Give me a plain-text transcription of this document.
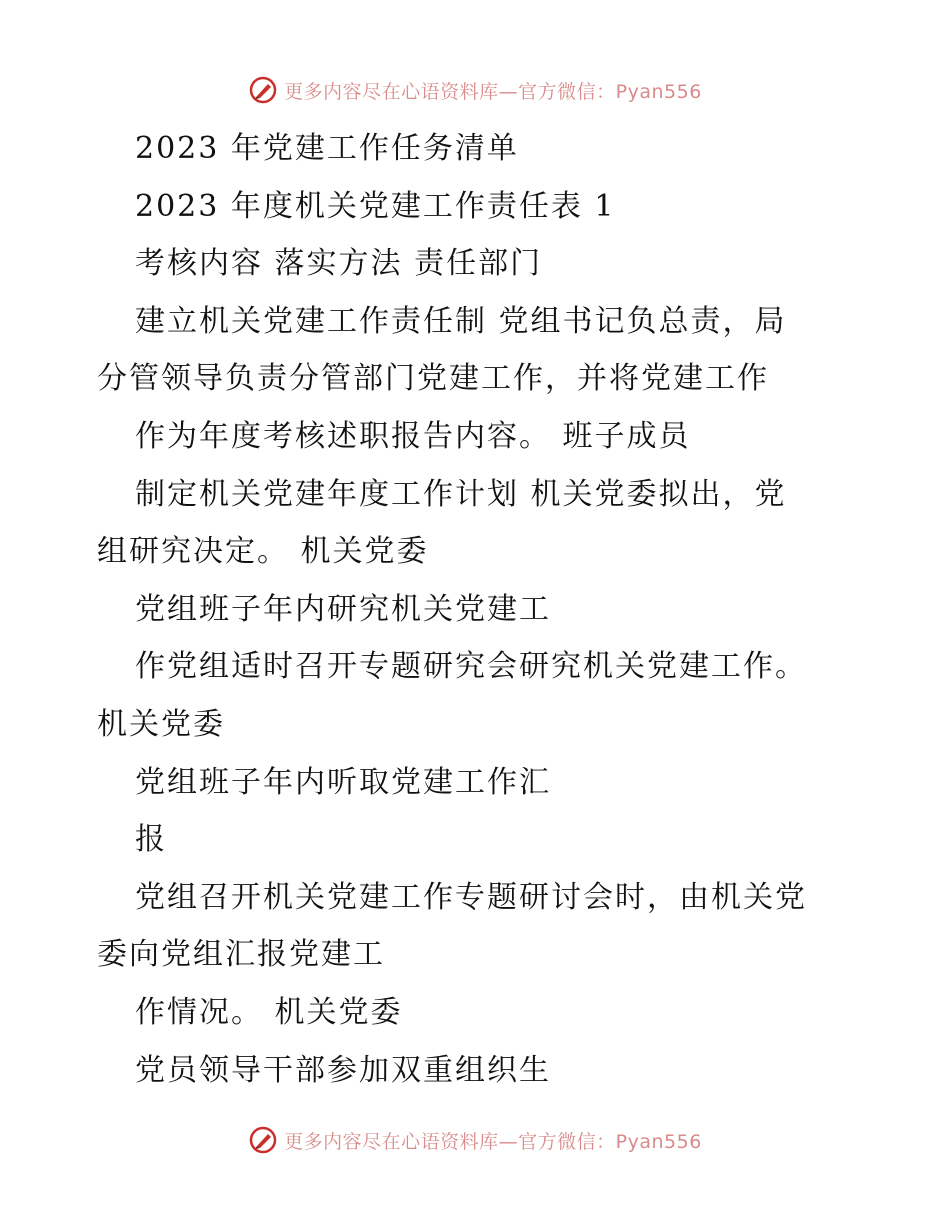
更多内容尽在心语资料库—官方微信：Pyan556
2023 年党建工作任务清单
2023 年度机关党建工作责任表 1
考核内容 落实方法 责任部门
建立机关党建工作责任制 党组书记负总责，局
分管领导负责分管部门党建工作，并将党建工作
作为年度考核述职报告内容。 班子成员
制定机关党建年度工作计划 机关党委拟出，党
组研究决定。 机关党委
党组班子年内研究机关党建工
作党组适时召开专题研究会研究机关党建工作。
机关党委
党组班子年内听取党建工作汇
报
党组召开机关党建工作专题研讨会时，由机关党
委向党组汇报党建工
作情况。 机关党委
党员领导干部参加双重组织生
更多内容尽在心语资料库—官方微信：Pyan556
